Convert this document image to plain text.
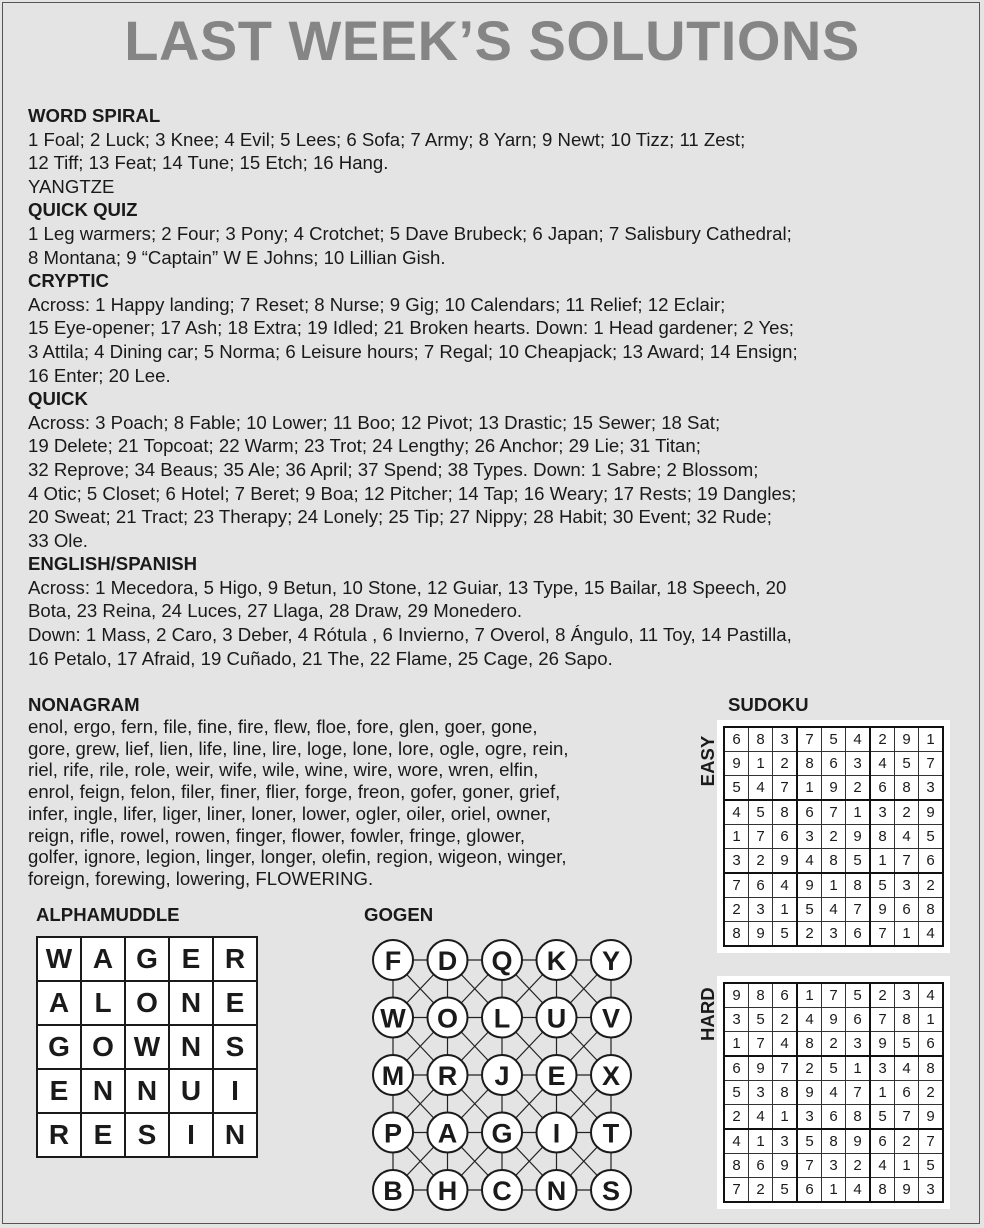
LAST WEEK’S SOLUTIONS
WORD SPIRAL

1 Foal; 2 Luck; 3 Knee; 4 Evil; 5 Lees; 6 Sofa; 7 Army; 8 Yarn; 9 Newt; 10 Tizz; 11 Zest;

12 Tiff; 13 Feat; 14 Tune; 15 Etch; 16 Hang.

YANGTZE

QUICK QUIZ

1 Leg warmers; 2 Four; 3 Pony; 4 Crotchet; 5 Dave Brubeck; 6 Japan; 7 Salisbury Cathedral;

8 Montana; 9 “Captain” W E Johns; 10 Lillian Gish.

CRYPTIC

Across: 1 Happy landing; 7 Reset; 8 Nurse; 9 Gig; 10 Calendars; 11 Relief; 12 Eclair;

15 Eye-opener; 17 Ash; 18 Extra; 19 Idled; 21 Broken hearts. Down: 1 Head gardener; 2 Yes;

3 Attila; 4 Dining car; 5 Norma; 6 Leisure hours; 7 Regal; 10 Cheapjack; 13 Award; 14 Ensign;

16 Enter; 20 Lee.

QUICK

Across: 3 Poach; 8 Fable; 10 Lower; 11 Boo; 12 Pivot; 13 Drastic; 15 Sewer; 18 Sat;

19 Delete; 21 Topcoat; 22 Warm; 23 Trot; 24 Lengthy; 26 Anchor; 29 Lie; 31 Titan;

32 Reprove; 34 Beaus; 35 Ale; 36 April; 37 Spend; 38 Types. Down: 1 Sabre; 2 Blossom;

4 Otic; 5 Closet; 6 Hotel; 7 Beret; 9 Boa; 12 Pitcher; 14 Tap; 16 Weary; 17 Rests; 19 Dangles;

20 Sweat; 21 Tract; 23 Therapy; 24 Lonely; 25 Tip; 27 Nippy; 28 Habit; 30 Event; 32 Rude;

33 Ole.

ENGLISH/SPANISH

Across: 1 Mecedora, 5 Higo, 9 Betun, 10 Stone, 12 Guiar, 13 Type, 15 Bailar, 18 Speech, 20

Bota, 23 Reina, 24 Luces, 27 Llaga, 28 Draw, 29 Monedero.

Down: 1 Mass, 2 Caro, 3 Deber, 4 Rótula , 6 Invierno, 7 Overol, 8 Ángulo, 11 Toy, 14 Pastilla,

16 Petalo, 17 Afraid, 19 Cuñado, 21 The, 22 Flame, 25 Cage, 26 Sapo.

NONAGRAM

enol, ergo, fern, file, fine, fire, flew, floe, fore, glen, goer, gone,

gore, grew, lief, lien, life, line, lire, loge, lone, lore, ogle, ogre, rein,

riel, rife, rile, role, weir, wife, wile, wine, wire, wore, wren, elfin,

enrol, feign, felon, filer, finer, flier, forge, freon, gofer, goner, grief,

infer, ingle, lifer, liger, liner, loner, lower, ogler, oiler, oriel, owner,

reign, rifle, rowel, rowen, finger, flower, fowler, fringe, glower,

golfer, ignore, legion, linger, longer, olefin, region, wigeon, winger,

foreign, forewing, lowering, FLOWERING.

ALPHAMUDDLE
W	A	G	E	R
A	L	O	N	E
G	O	W	N	S
E	N	N	U	I
R	E	S	I	N
GOGEN
F D Q K Y
W O L U V
M R J E X
P A G I T
B H C N S
SUDOKU
EASY 6	8	3	7	5	4	2	9	1
9	1	2	8	6	3	4	5	7
5	4	7	1	9	2	6	8	3
4	5	8	6	7	1	3	2	9
1	7	6	3	2	9	8	4	5
3	2	9	4	8	5	1	7	6
7	6	4	9	1	8	5	3	2
2	3	1	5	4	7	9	6	8
8	9	5	2	3	6	7	1	4
HARD 9	8	6	1	7	5	2	3	4
3	5	2	4	9	6	7	8	1
1	7	4	8	2	3	9	5	6
6	9	7	2	5	1	3	4	8
5	3	8	9	4	7	1	6	2
2	4	1	3	6	8	5	7	9
4	1	3	5	8	9	6	2	7
8	6	9	7	3	2	4	1	5
7	2	5	6	1	4	8	9	3
